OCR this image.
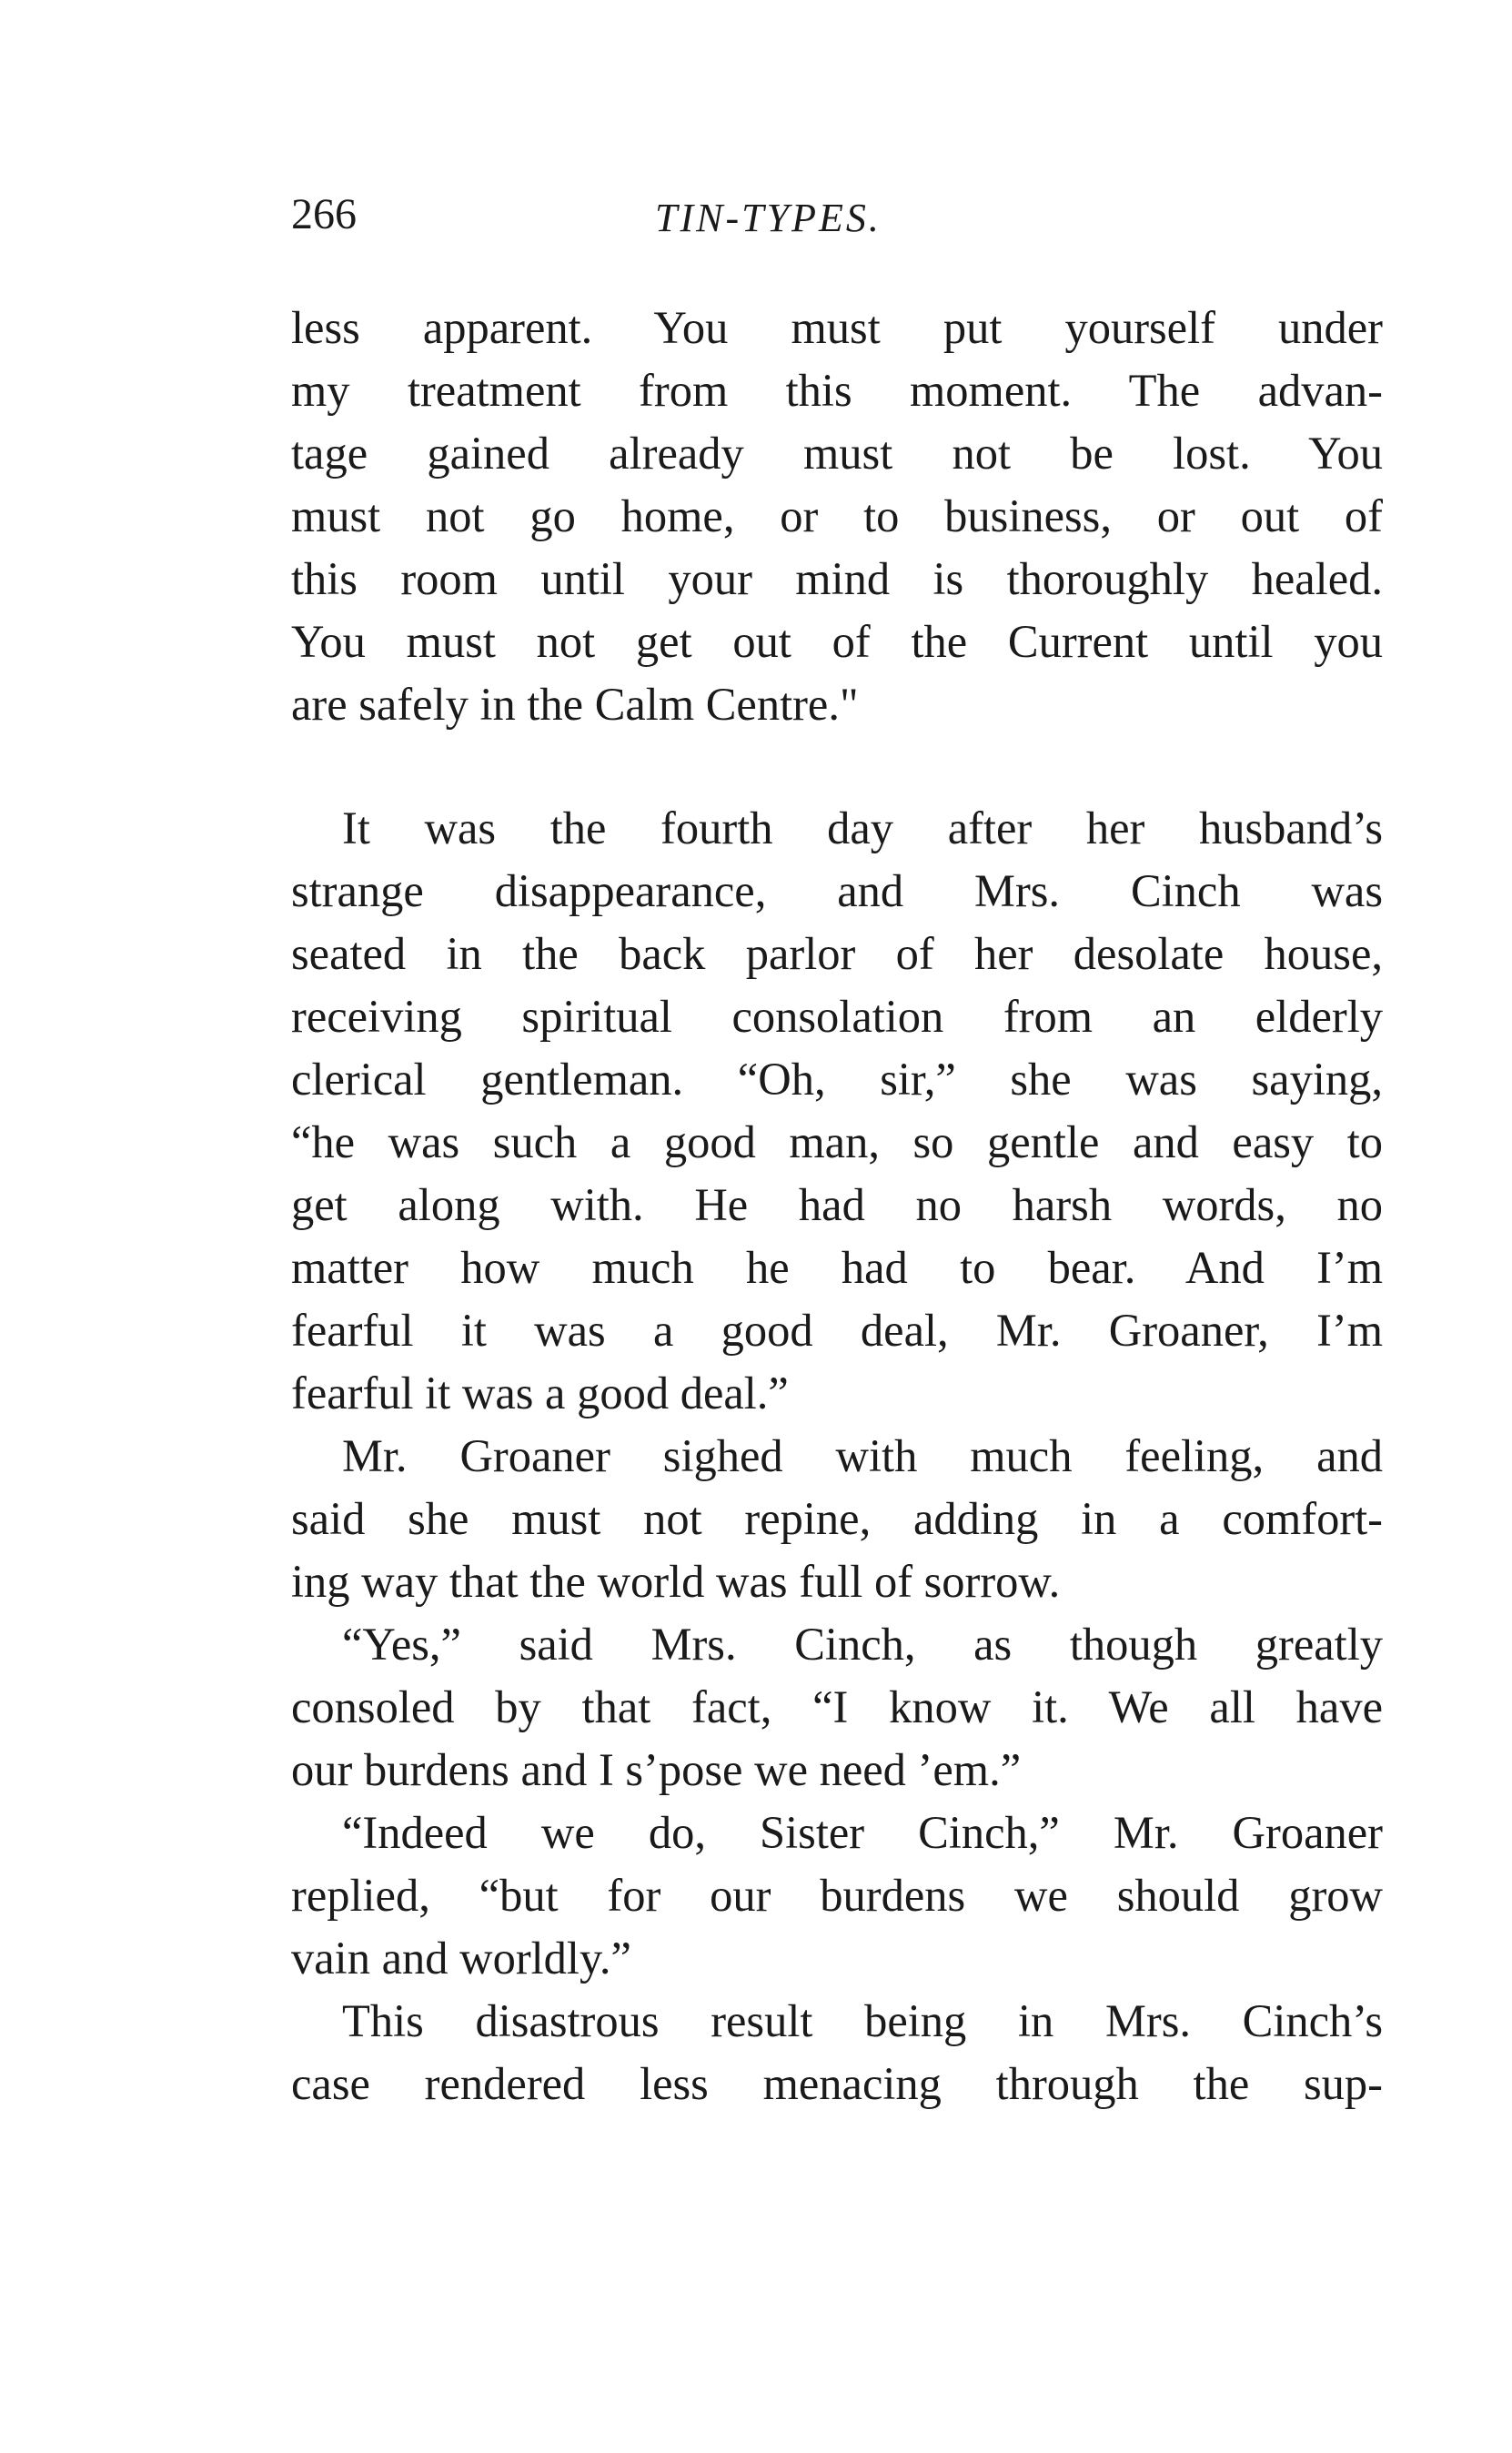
266	TIN-TYPES.
less apparent. You must put yourself under
my treatment from this moment. The advan-
tage gained already must not be lost. You
must not go home, or to business, or out of
this room until your mind is thoroughly healed.
You must not get out of the Current until you
are safely in the Calm Centre."
It was the fourth day after her husband’s
strange disappearance, and Mrs. Cinch was
seated in the back parlor of her desolate house,
receiving spiritual consolation from an elderly
clerical gentleman. “Oh, sir,” she was saying,
“he was such a good man, so gentle and easy to
get along with. He had no harsh words, no
matter how much he had to bear. And I’m
fearful it was a good deal, Mr. Groaner, I’m
fearful it was a good deal.”
Mr. Groaner sighed with much feeling, and
said she must not repine, adding in a comfort-
ing way that the world was full of sorrow.
“Yes,” said Mrs. Cinch, as though greatly
consoled by that fact, “I know it. We all have
our burdens and I s’pose we need ’em.”
“Indeed we do, Sister Cinch,” Mr. Groaner
replied, “but for our burdens we should grow
vain and worldly.”
This disastrous result being in Mrs. Cinch’s
case rendered less menacing through the sup-
